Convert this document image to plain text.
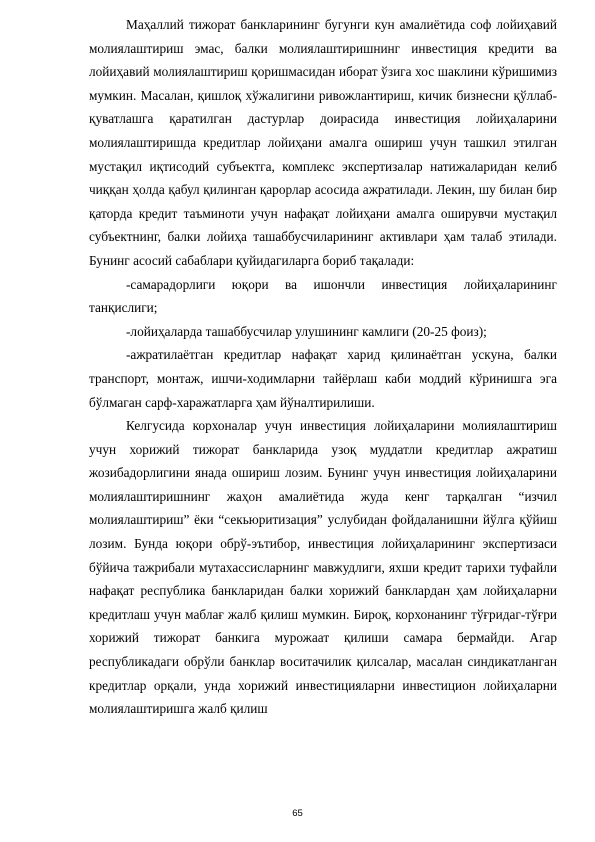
Маҳаллий тижорат банкларининг бугунги кун амалиётида соф лойиҳавий молиялаштириш эмас, балки молиялаштиришнинг инвестиция кредити ва лойиҳавий молиялаштириш қоришмасидан иборат ўзига хос шаклини кўришимиз мумкин. Масалан, қишлоқ хўжалигини ривожлантириш, кичик бизнесни қўллаб-қуватлашга қаратилган дастурлар доирасида инвестиция лойиҳаларини молиялаштиришда кредитлар лойиҳани амалга ошириш учун ташкил этилган мустақил иқтисодий субъектга, комплекс экспертизалар натижаларидан келиб чиққан ҳолда қабул қилинган қарорлар асосида ажратилади. Лекин, шу билан бир қаторда кредит таъминоти учун нафақат лойиҳани амалга оширувчи мустақил субъектнинг, балки лойиҳа ташаббусчиларининг активлари ҳам талаб этилади. Бунинг асосий сабаблари қуйидагиларга бориб тақалади:

-самарадорлиги юқори ва ишончли инвестиция лойиҳаларининг танқислиги;

-лойиҳаларда ташаббусчилар улушининг камлиги (20-25 фоиз);

-ажратилаётган кредитлар нафақат харид қилинаётган ускуна, балки транспорт, монтаж, ишчи-ходимларни тайёрлаш каби моддий кўринишга эга бўлмаган сарф-харажатларга ҳам йўналтирилиши.

Келгусида корхоналар учун инвестиция лойиҳаларини молиялаштириш учун хорижий тижорат банкларида узоқ муддатли кредитлар ажратиш жозибадорлигини янада ошириш лозим. Бунинг учун инвестиция лойиҳаларини молиялаштиришнинг жаҳон амалиётида жуда кенг тарқалган “изчил молиялаштириш” ёки “секьюритизация” услубидан фойдаланишни йўлга қўйиш лозим. Бунда юқори обрў-эътибор, инвестиция лойиҳаларининг экспертизаси бўйича тажрибали мутахассисларнинг мавжудлиги, яхши кредит тарихи туфайли нафақат республика банкларидан балки хорижий банклардан ҳам лойиҳаларни кредитлаш учун маблағ жалб қилиш мумкин. Бироқ, корхонанинг тўғридаг-тўғри хорижий тижорат банкига мурожаат қилиши самара бермайди. Агар республикадаги обрўли банклар воситачилик қилсалар, масалан синдикатланган кредитлар орқали, унда хорижий инвестицияларни инвестицион лойиҳаларни молиялаштиришга жалб қилиш

65
